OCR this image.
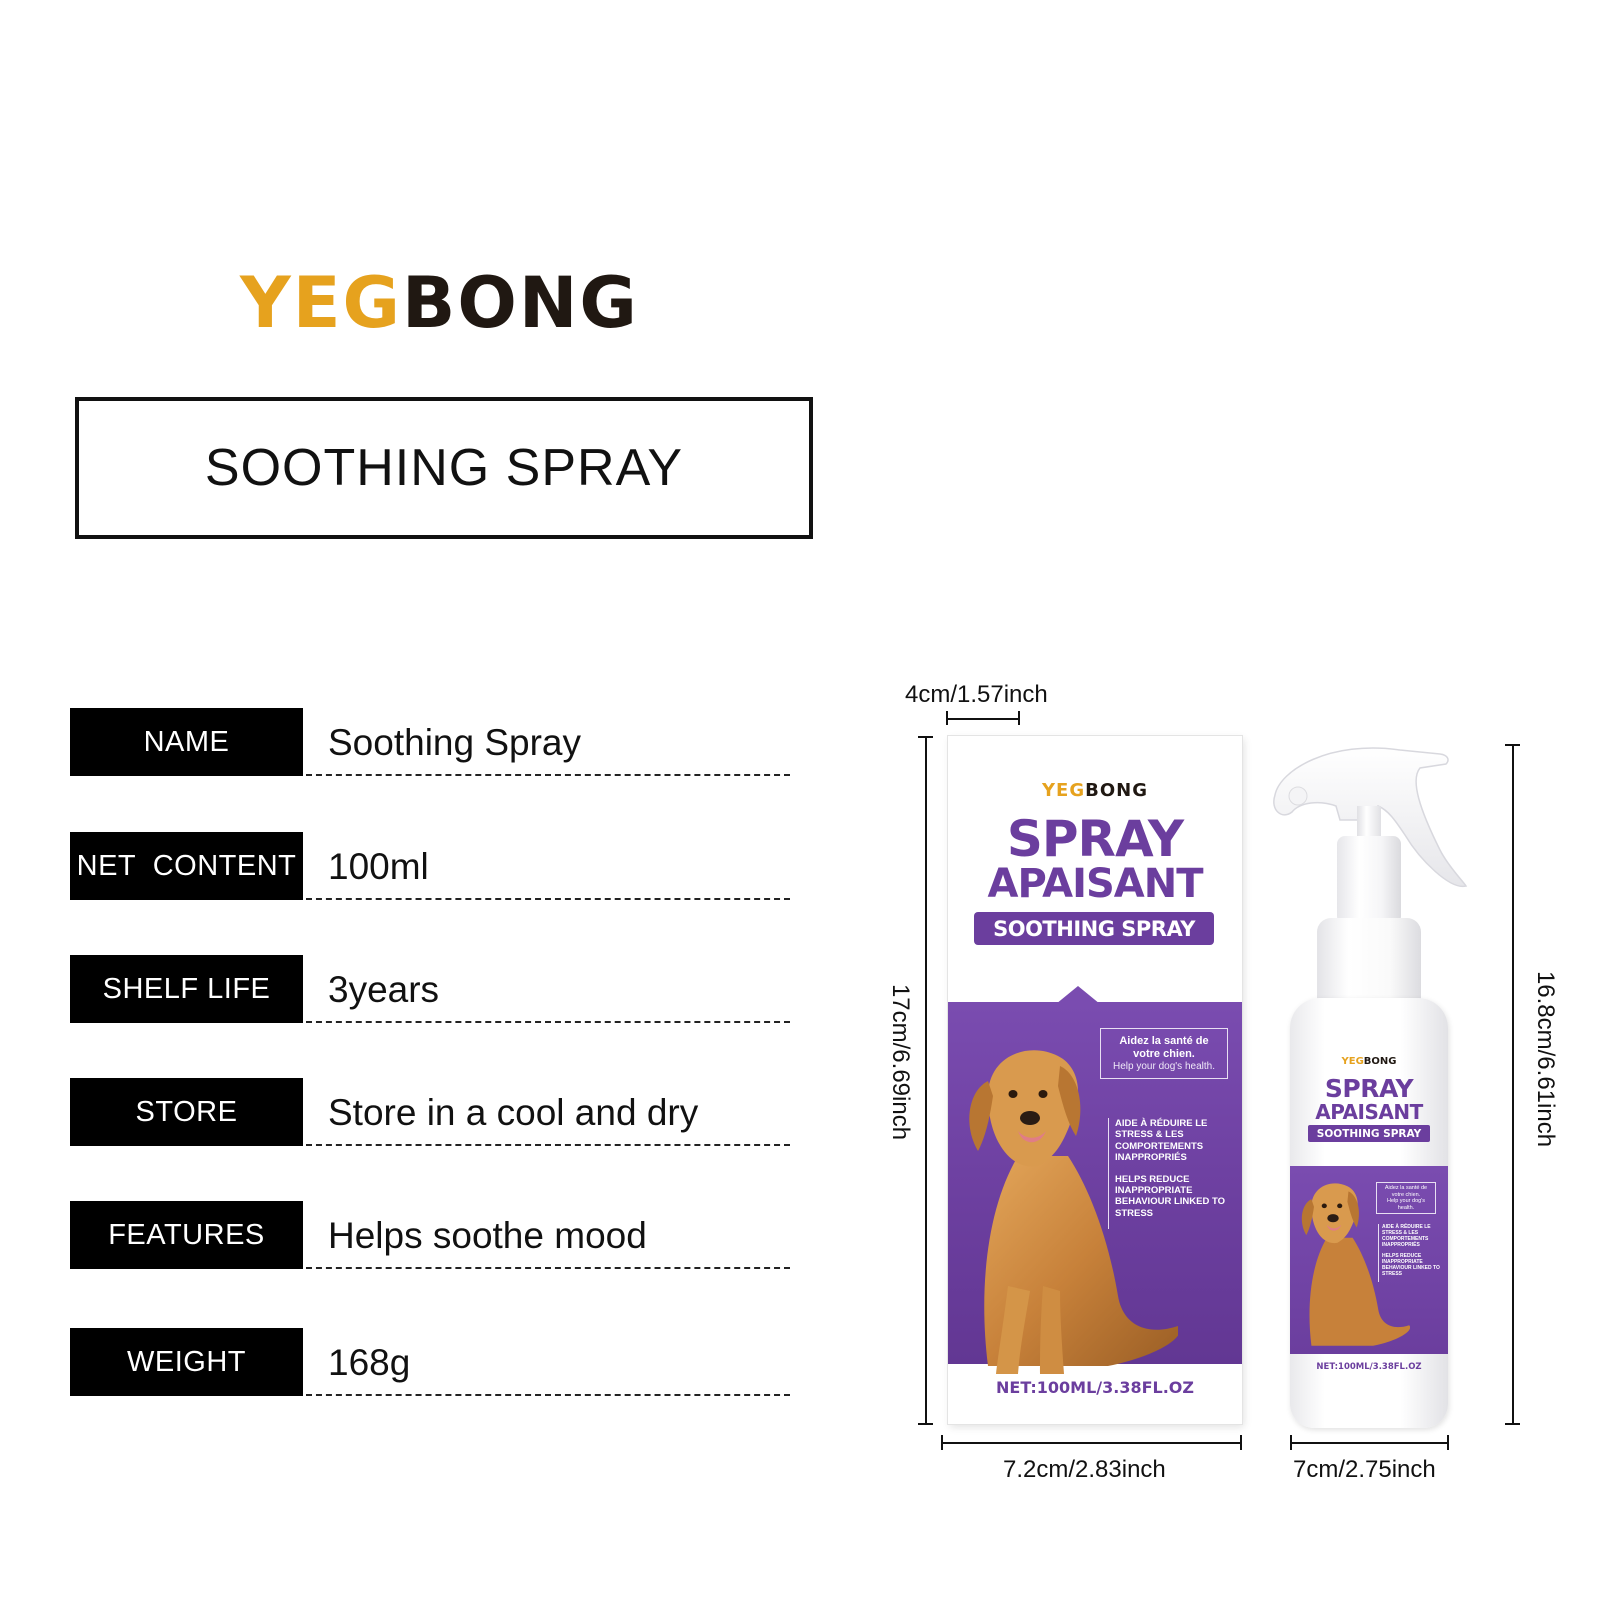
YEGBONG
SOOTHING SPRAY
NAME	Soothing Spray
NET  CONTENT 100ml
SHELF LIFE	3years
STORE	Store in a cool and dry
FEATURES	Helps soothe mood
WEIGHT	168g
4cm/1.57inch
17cm/6.69inch
7.2cm/2.83inch	7cm/2.75inch
16.8cm/6.61inch
YEGBONG
SPRAY
APAISANT
SOOTHING SPRAY
Aidez la santé de votre chien.
Help your dog's health.

AIDE À RÉDUIRE LE STRESS & LES COMPORTEMENTS INAPPROPRIÉS

HELPS REDUCE INAPPROPRIATE BEHAVIOUR LINKED TO STRESS

NET:100ML/3.38FL.OZ
YEGBONG
SPRAY
APAISANT
SOOTHING SPRAY
Aidez la santé de votre chien.
Help your dog's health.

AIDE À RÉDUIRE LE STRESS & LES COMPORTEMENTS INAPPROPRIÉS

HELPS REDUCE INAPPROPRIATE BEHAVIOUR LINKED TO STRESS

NET:100ML/3.38FL.OZ
